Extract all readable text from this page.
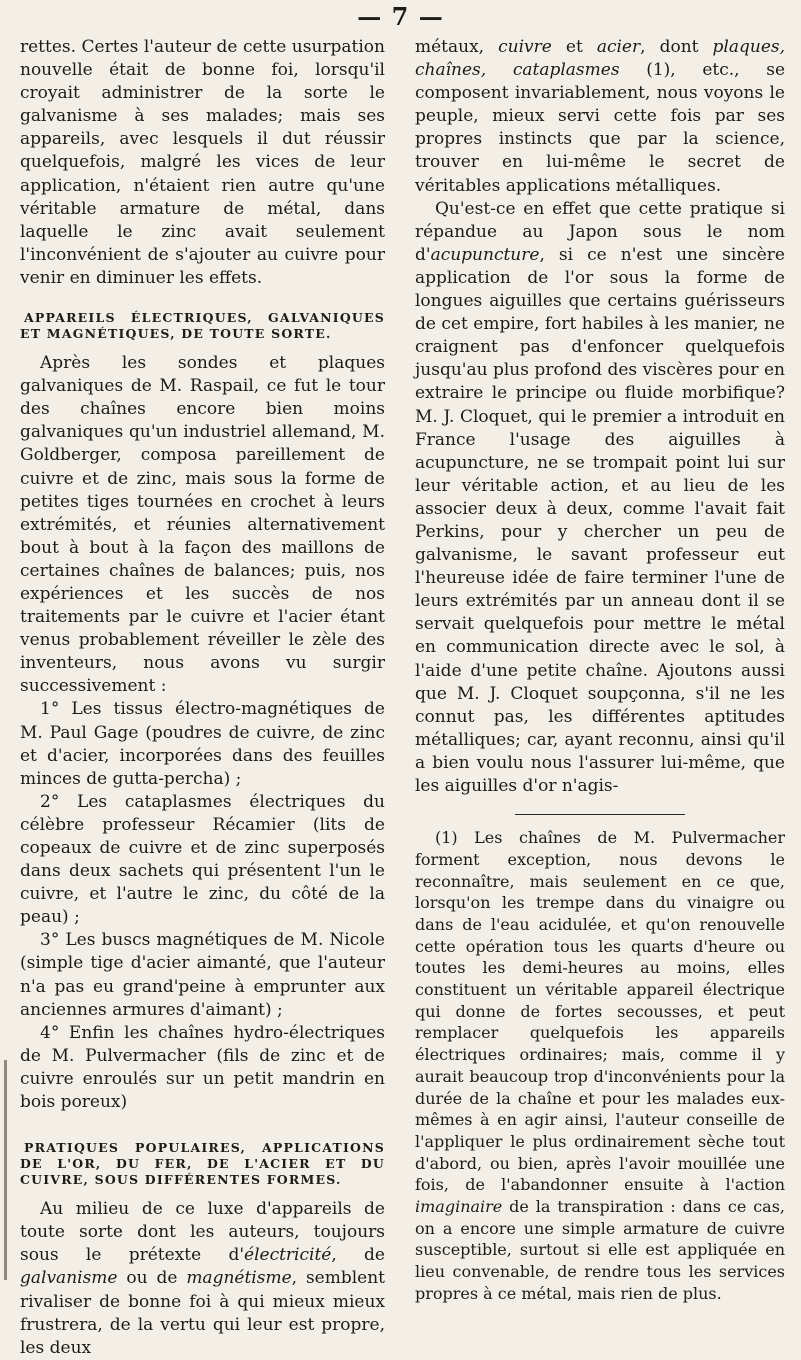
— 7 —

rettes. Certes l'auteur de cette usurpation nouvelle était de bonne foi, lorsqu'il croyait administrer de la sorte le galvanisme à ses malades; mais ses appareils, avec lesquels il dut réussir quelquefois, malgré les vices de leur application, n'étaient rien autre qu'une véritable armature de métal, dans laquelle le zinc avait seulement l'inconvénient de s'ajouter au cuivre pour venir en diminuer les effets.

APPAREILS ÉLECTRIQUES, GALVANIQUES ET MAGNÉTIQUES, DE TOUTE SORTE.

Après les sondes et plaques galvaniques de M. Raspail, ce fut le tour des chaînes encore bien moins galvaniques qu'un industriel allemand, M. Goldberger, composa pareillement de cuivre et de zinc, mais sous la forme de petites tiges tournées en crochet à leurs extrémités, et réunies alternativement bout à bout à la façon des maillons de certaines chaînes de balances; puis, nos expériences et les succès de nos traitements par le cuivre et l'acier étant venus probablement réveiller le zèle des inventeurs, nous avons vu surgir successivement :

1° Les tissus électro-magnétiques de M. Paul Gage (poudres de cuivre, de zinc et d'acier, incorporées dans des feuilles minces de gutta-percha) ;

2° Les cataplasmes électriques du célèbre professeur Récamier (lits de copeaux de cuivre et de zinc superposés dans deux sachets qui présentent l'un le cuivre, et l'autre le zinc, du côté de la peau) ;

3° Les buscs magnétiques de M. Nicole (simple tige d'acier aimanté, que l'auteur n'a pas eu grand'peine à emprunter aux anciennes armures d'aimant) ;

4° Enfin les chaînes hydro-électriques de M. Pulvermacher (fils de zinc et de cuivre enroulés sur un petit mandrin en bois poreux)

PRATIQUES POPULAIRES, APPLICATIONS DE L'OR, DU FER, DE L'ACIER ET DU CUIVRE, SOUS DIFFÉRENTES FORMES.

Au milieu de ce luxe d'appareils de toute sorte dont les auteurs, toujours sous le prétexte d'électricité, de galvanisme ou de magnétisme, semblent rivaliser de bonne foi à qui mieux mieux frustrera, de la vertu qui leur est propre, les deux

métaux, cuivre et acier, dont plaques, chaînes, cataplasmes (1), etc., se composent invariablement, nous voyons le peuple, mieux servi cette fois par ses propres instincts que par la science, trouver en lui-même le secret de véritables applications métalliques.

Qu'est-ce en effet que cette pratique si répandue au Japon sous le nom d'acupuncture, si ce n'est une sincère application de l'or sous la forme de longues aiguilles que certains guérisseurs de cet empire, fort habiles à les manier, ne craignent pas d'enfoncer quelquefois jusqu'au plus profond des viscères pour en extraire le principe ou fluide morbifique? M. J. Cloquet, qui le premier a introduit en France l'usage des aiguilles à acupuncture, ne se trompait point lui sur leur véritable action, et au lieu de les associer deux à deux, comme l'avait fait Perkins, pour y chercher un peu de galvanisme, le savant professeur eut l'heureuse idée de faire terminer l'une de leurs extrémités par un anneau dont il se servait quelquefois pour mettre le métal en communication directe avec le sol, à l'aide d'une petite chaîne. Ajoutons aussi que M. J. Cloquet soupçonna, s'il ne les connut pas, les différentes aptitudes métalliques; car, ayant reconnu, ainsi qu'il a bien voulu nous l'assurer lui-même, que les aiguilles d'or n'agis-

(1) Les chaînes de M. Pulvermacher forment exception, nous devons le reconnaître, mais seulement en ce que, lorsqu'on les trempe dans du vinaigre ou dans de l'eau acidulée, et qu'on renouvelle cette opération tous les quarts d'heure ou toutes les demi-heures au moins, elles constituent un véritable appareil électrique qui donne de fortes secousses, et peut remplacer quelquefois les appareils électriques ordinaires; mais, comme il y aurait beaucoup trop d'inconvénients pour la durée de la chaîne et pour les malades eux-mêmes à en agir ainsi, l'auteur conseille de l'appliquer le plus ordinairement sèche tout d'abord, ou bien, après l'avoir mouillée une fois, de l'abandonner ensuite à l'action imaginaire de la transpiration : dans ce cas, on a encore une simple armature de cuivre susceptible, surtout si elle est appliquée en lieu convenable, de rendre tous les services propres à ce métal, mais rien de plus.
